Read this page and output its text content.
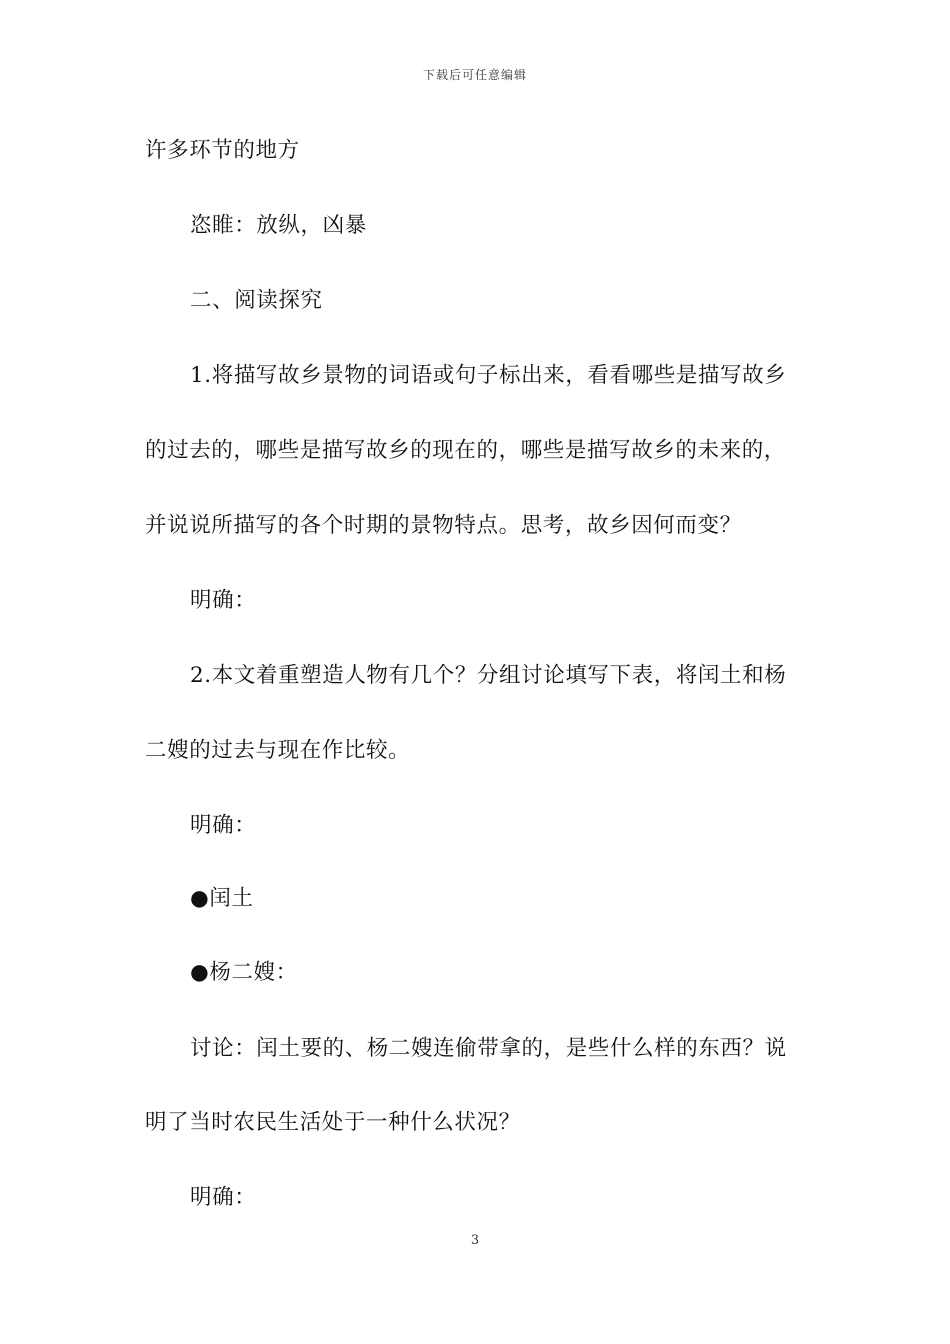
下载后可任意编辑
许多环节的地方
恣睢：放纵，凶暴
二、阅读探究
1.将描写故乡景物的词语或句子标出来，看看哪些是描写故乡
的过去的，哪些是描写故乡的现在的，哪些是描写故乡的未来的，
并说说所描写的各个时期的景物特点。思考，故乡因何而变？
明确：
2.本文着重塑造人物有几个？分组讨论填写下表，将闰土和杨
二嫂的过去与现在作比较。
明确：
●闰土
●杨二嫂：
讨论：闰土要的、杨二嫂连偷带拿的，是些什么样的东西？说
明了当时农民生活处于一种什么状况？
明确：
3
